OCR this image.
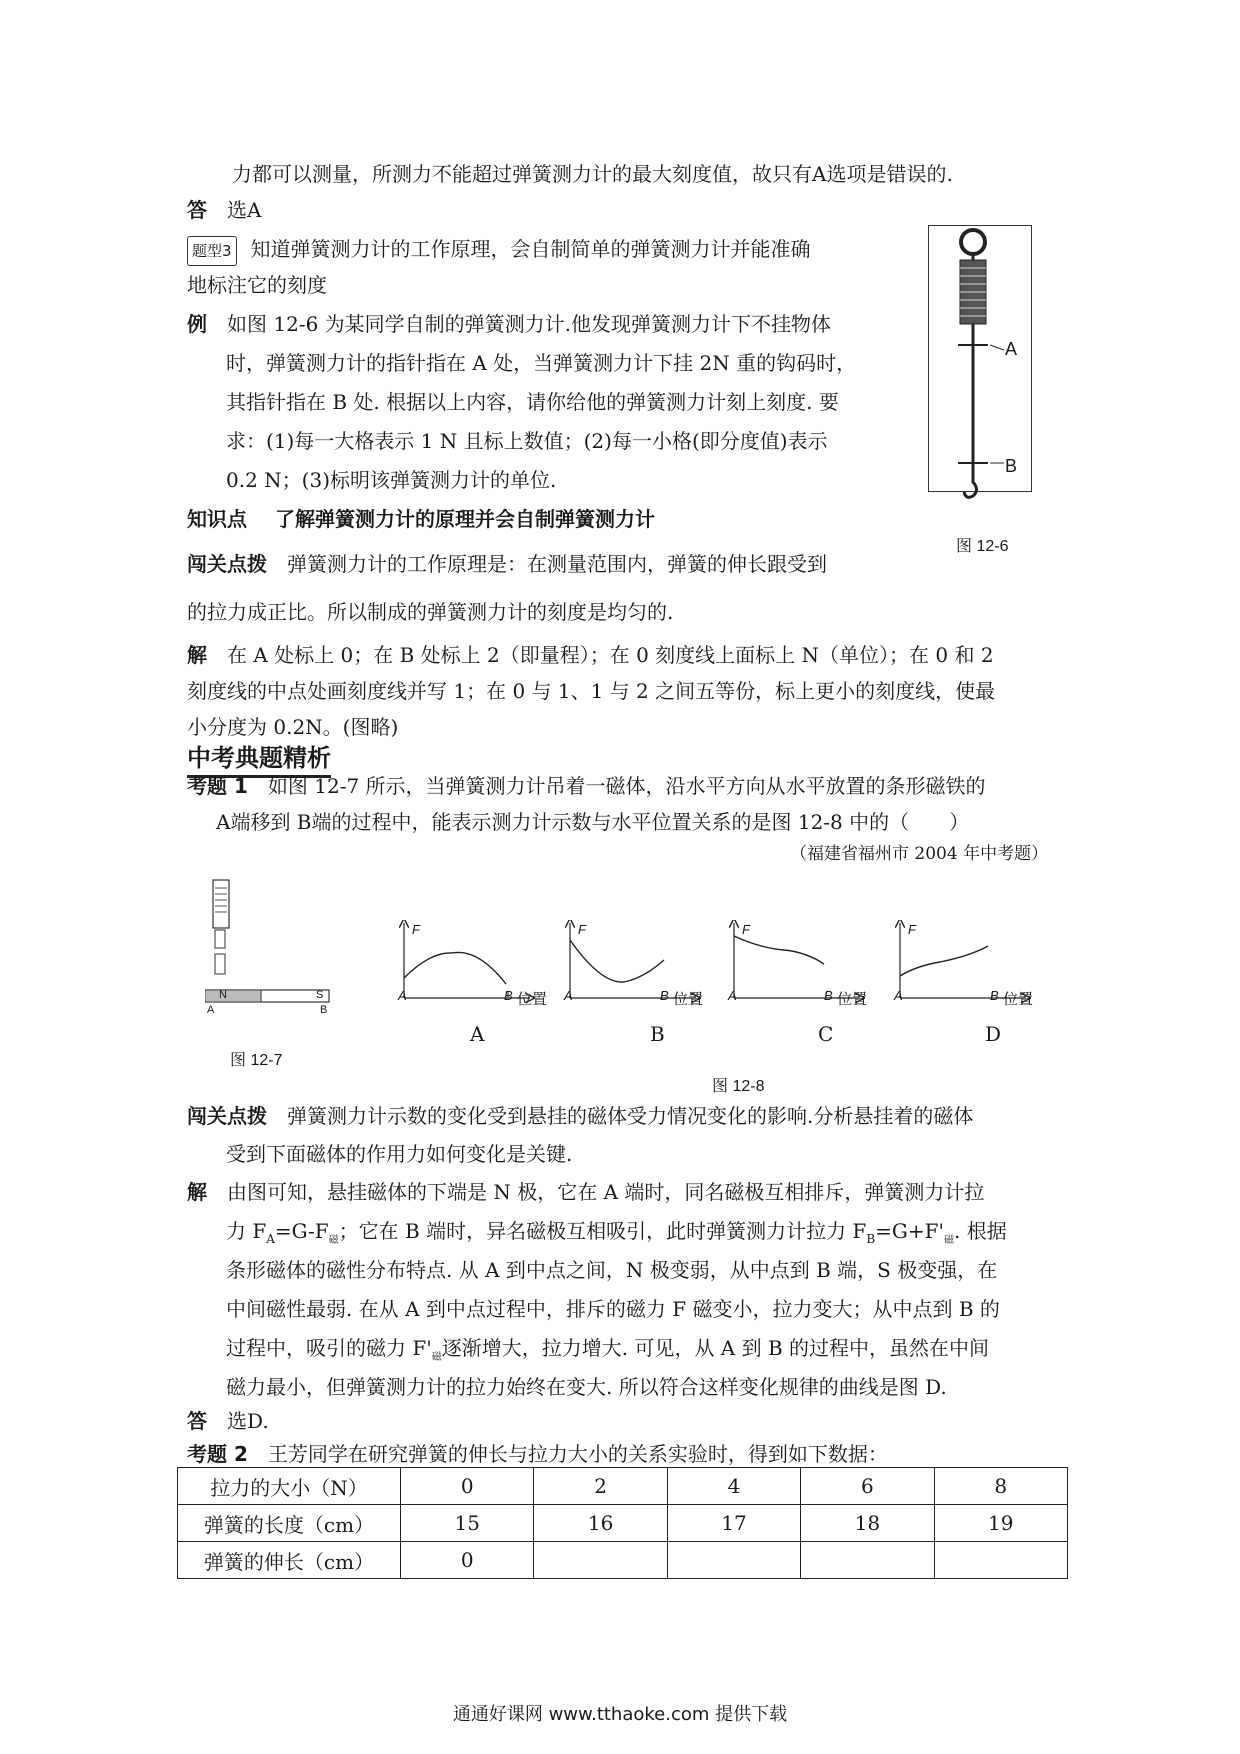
力都可以测量，所测力不能超过弹簧测力计的最大刻度值，故只有A选项是错误的.
答 选A
题型3 知道弹簧测力计的工作原理，会自制简单的弹簧测力计并能准确
地标注它的刻度
例 如图 12-6 为某同学自制的弹簧测力计.他发现弹簧测力计下不挂物体
时，弹簧测力计的指针指在 A 处，当弹簧测力计下挂 2N 重的钩码时，
其指针指在 B 处. 根据以上内容，请你给他的弹簧测力计刻上刻度. 要
求：(1)每一大格表示 1 N 且标上数值；(2)每一小格(即分度值)表示
0.2 N；(3)标明该弹簧测力计的单位.
知识点 了解弹簧测力计的原理并会自制弹簧测力计
闯关点拨 弹簧测力计的工作原理是：在测量范围内，弹簧的伸长跟受到
的拉力成正比。所以制成的弹簧测力计的刻度是均匀的.
解 在 A 处标上 0；在 B 处标上 2（即量程）；在 0 刻度线上面标上 N（单位）；在 0 和 2
刻度线的中点处画刻度线并写 1；在 0 与 1、1 与 2 之间五等份，标上更小的刻度线，使最
小分度为 0.2N。(图略)
A
B
图 12-6
中考典题精析
考题 1 如图 12-7 所示，当弹簧测力计吊着一磁体，沿水平方向从水平放置的条形磁铁的
A端移到 B端的过程中，能表示测力计示数与水平位置关系的是图 12-8 中的（　　）
（福建省福州市 2004 年中考题）
N	S
A	B
图 12-7
F
A	B 位置
F
A	B 位置
F
A	B 位置
F
A	B 位置
A	B	C	D
图 12-8
闯关点拨 弹簧测力计示数的变化受到悬挂的磁体受力情况变化的影响.分析悬挂着的磁体
受到下面磁体的作用力如何变化是关键.
解 由图可知，悬挂磁体的下端是 N 极，它在 A 端时，同名磁极互相排斥，弹簧测力计拉
力 $F_A=G-F_磁$；它在 B 端时，异名磁极互相吸引，此时弹簧测力计拉力 $F_B=G+F'_磁$. 根据
条形磁体的磁性分布特点. 从 A 到中点之间，N 极变弱，从中点到 B 端，S 极变强，在
中间磁性最弱. 在从 A 到中点过程中，排斥的磁力 F 磁变小，拉力变大；从中点到 B 的
过程中，吸引的磁力 $F'_磁$逐渐增大，拉力增大. 可见，从 A 到 B 的过程中，虽然在中间
磁力最小，但弹簧测力计的拉力始终在变大. 所以符合这样变化规律的曲线是图 D.
答 选D.
考题 2 王芳同学在研究弹簧的伸长与拉力大小的关系实验时，得到如下数据：
拉力的大小（N）	0	2	4	6	8
弹簧的长度（cm）	15	16	17	18	19
弹簧的伸长（cm）	0				
通通好课网 www.tthaoke.com 提供下载
